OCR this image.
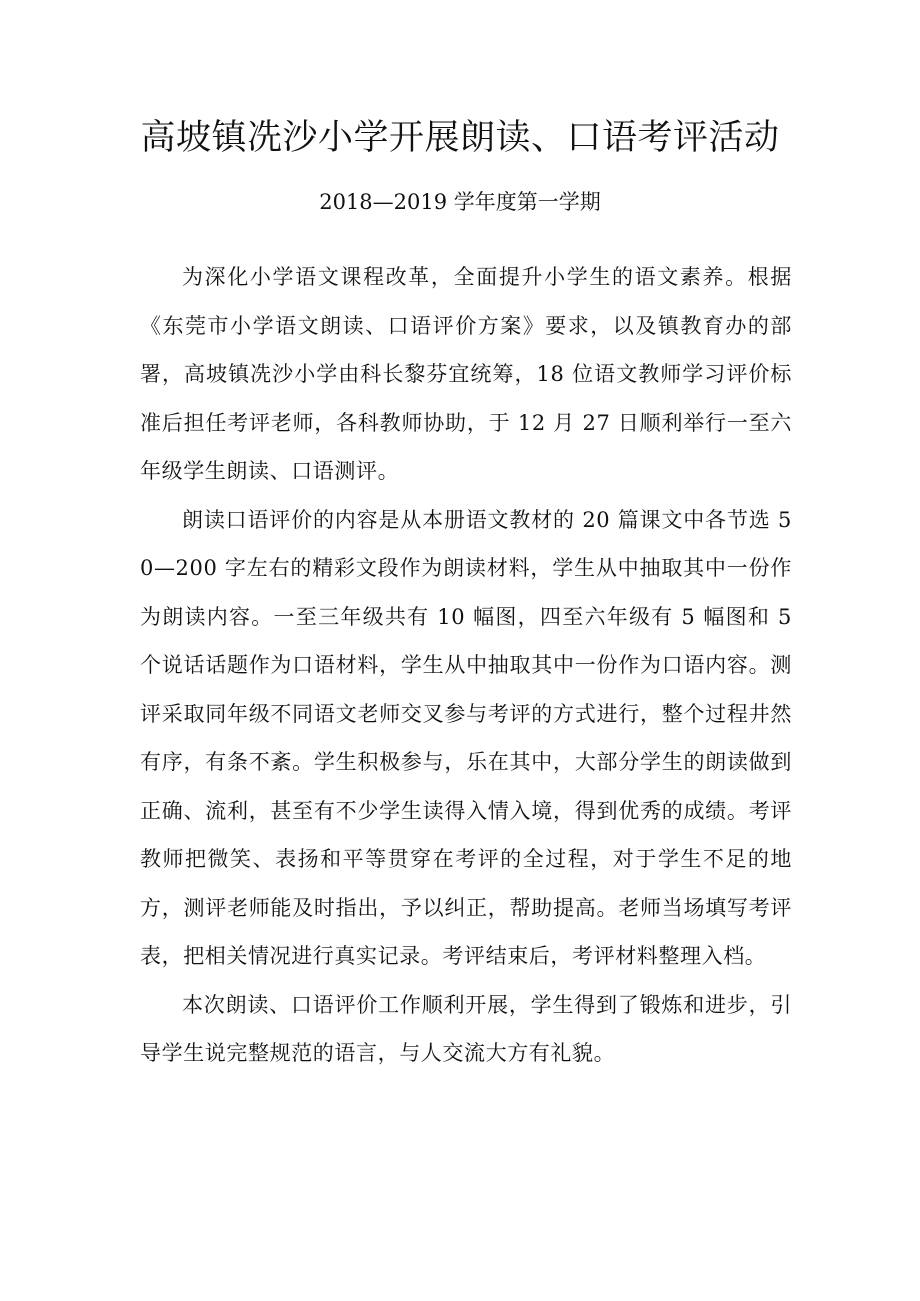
高坡镇冼沙小学开展朗读、口语考评活动
2018—2019 学年度第一学期

为深化小学语文课程改革，全面提升小学生的语文素养。根据《东莞市小学语文朗读、口语评价方案》要求，以及镇教育办的部署，高坡镇冼沙小学由科长黎芬宜统筹，18 位语文教师学习评价标准后担任考评老师，各科教师协助，于 12 月 27 日顺利举行一至六年级学生朗读、口语测评。

朗读口语评价的内容是从本册语文教材的 20 篇课文中各节选 50—200 字左右的精彩文段作为朗读材料，学生从中抽取其中一份作为朗读内容。一至三年级共有 10 幅图，四至六年级有 5 幅图和 5 个说话话题作为口语材料，学生从中抽取其中一份作为口语内容。测评采取同年级不同语文老师交叉参与考评的方式进行，整个过程井然有序，有条不紊。学生积极参与，乐在其中，大部分学生的朗读做到正确、流利，甚至有不少学生读得入情入境，得到优秀的成绩。考评教师把微笑、表扬和平等贯穿在考评的全过程，对于学生不足的地方，测评老师能及时指出，予以纠正，帮助提高。老师当场填写考评表，把相关情况进行真实记录。考评结束后，考评材料整理入档。

本次朗读、口语评价工作顺利开展，学生得到了锻炼和进步，引导学生说完整规范的语言，与人交流大方有礼貌。
